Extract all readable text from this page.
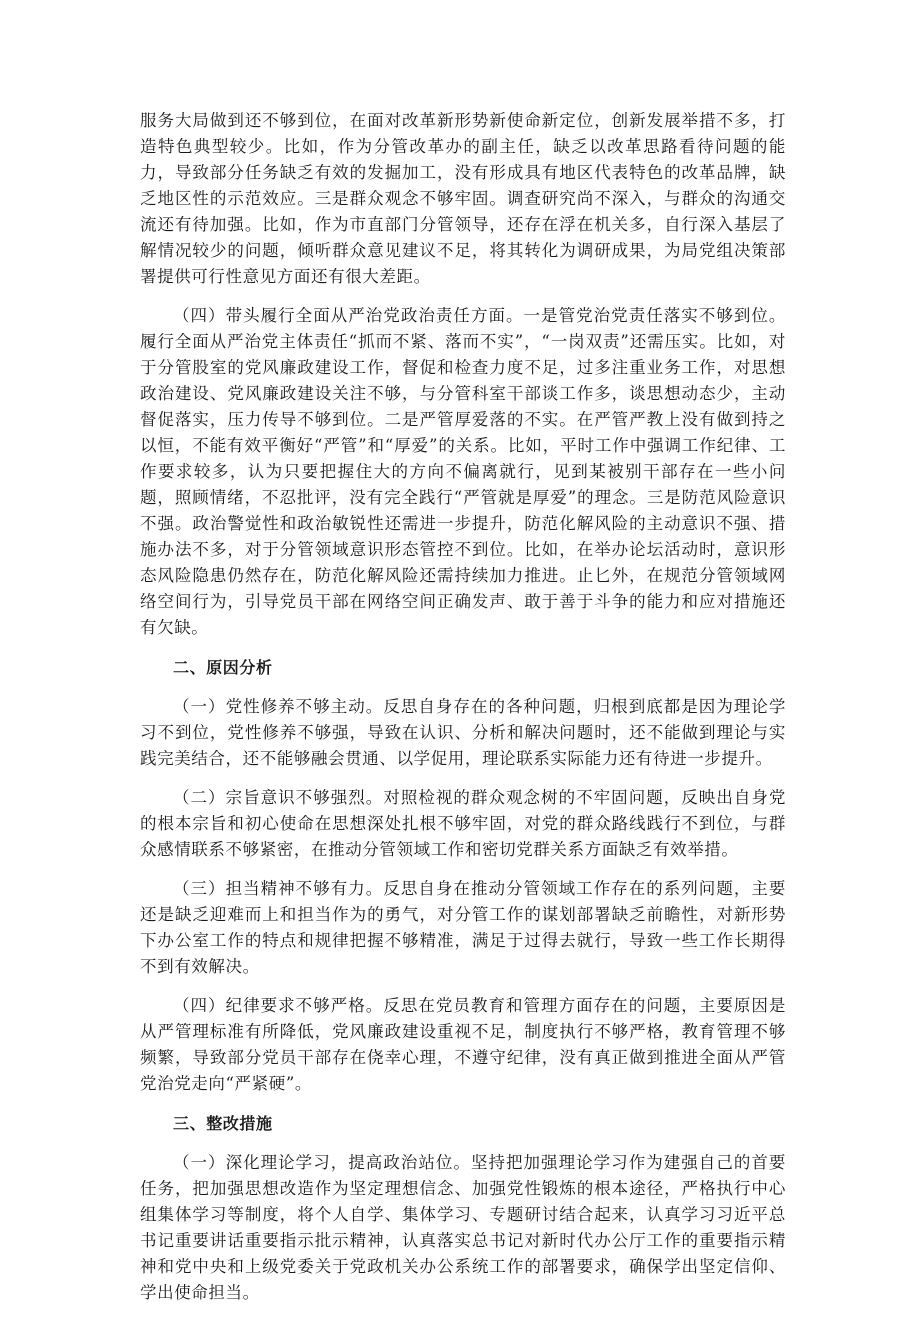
服务大局做到还不够到位，在面对改革新形势新使命新定位，创新发展举措不多，打造特色典型较少。比如，作为分管改革办的副主任，缺乏以改革思路看待问题的能力，导致部分任务缺乏有效的发掘加工，没有形成具有地区代表特色的改革品牌，缺乏地区性的示范效应。三是群众观念不够牢固。调查研究尚不深入，与群众的沟通交流还有待加强。比如，作为市直部门分管领导，还存在浮在机关多，自行深入基层了解情况较少的问题，倾听群众意见建议不足，将其转化为调研成果，为局党组决策部署提供可行性意见方面还有很大差距。

（四）带头履行全面从严治党政治责任方面。一是管党治党责任落实不够到位。履行全面从严治党主体责任“抓而不紧、落而不实”，“一岗双责”还需压实。比如，对于分管股室的党风廉政建设工作，督促和检查力度不足，过多注重业务工作，对思想政治建设、党风廉政建设关注不够，与分管科室干部谈工作多，谈思想动态少，主动督促落实，压力传导不够到位。二是严管厚爱落的不实。在严管严教上没有做到持之以恒，不能有效平衡好“严管”和“厚爱”的关系。比如，平时工作中强调工作纪律、工作要求较多，认为只要把握住大的方向不偏离就行，见到某被别干部存在一些小问题，照顾情绪，不忍批评，没有完全践行“严管就是厚爱”的理念。三是防范风险意识不强。政治警觉性和政治敏锐性还需进一步提升，防范化解风险的主动意识不强、措施办法不多，对于分管领域意识形态管控不到位。比如，在举办论坛活动时，意识形态风险隐患仍然存在，防范化解风险还需持续加力推进。止匕外，在规范分管领域网络空间行为，引导党员干部在网络空间正确发声、敢于善于斗争的能力和应对措施还有欠缺。

二、原因分析

（一）党性修养不够主动。反思自身存在的各种问题，归根到底都是因为理论学习不到位，党性修养不够强，导致在认识、分析和解决问题时，还不能做到理论与实践完美结合，还不能够融会贯通、以学促用，理论联系实际能力还有待进一步提升。

（二）宗旨意识不够强烈。对照检视的群众观念树的不牢固问题，反映出自身党的根本宗旨和初心使命在思想深处扎根不够牢固，对党的群众路线践行不到位，与群众感情联系不够紧密，在推动分管领域工作和密切党群关系方面缺乏有效举措。

（三）担当精神不够有力。反思自身在推动分管领域工作存在的系列问题，主要还是缺乏迎难而上和担当作为的勇气，对分管工作的谋划部署缺乏前瞻性，对新形势下办公室工作的特点和规律把握不够精准，满足于过得去就行，导致一些工作长期得不到有效解决。

（四）纪律要求不够严格。反思在党员教育和管理方面存在的问题，主要原因是从严管理标准有所降低，党风廉政建设重视不足，制度执行不够严格，教育管理不够频繁，导致部分党员干部存在侥幸心理，不遵守纪律，没有真正做到推进全面从严管党治党走向“严紧硬”。

三、整改措施

（一）深化理论学习，提高政治站位。坚持把加强理论学习作为建强自己的首要任务，把加强思想改造作为坚定理想信念、加强党性锻炼的根本途径，严格执行中心组集体学习等制度，将个人自学、集体学习、专题研讨结合起来，认真学习习近平总书记重要讲话重要指示批示精神，认真落实总书记对新时代办公厅工作的重要指示精神和党中央和上级党委关于党政机关办公系统工作的部署要求，确保学出坚定信仰、学出使命担当。
